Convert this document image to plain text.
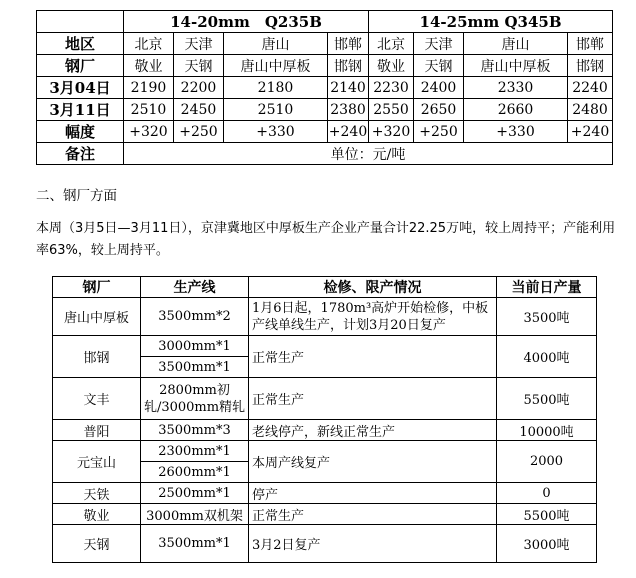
	14-20mm　Q235B				14-25mm Q345B			
地区	北京	天津	唐山	邯郸	北京	天津	唐山	邯郸
钢厂	敬业	天钢	唐山中厚板	邯钢	敬业	天钢	唐山中厚板	邯钢
3月04日	2190	2200	2180	2140	2230	2400	2330	2240
3月11日	2510	2450	2510	2380	2550	2650	2660	2480
幅度	+320	+250	+330	+240	+320	+250	+330	+240
备注	单位：元/吨							
二、钢厂方面
本周（3月5日—3月11日），京津冀地区中厚板生产企业产量合计22.25万吨，较上周持平；产能利用率63%，较上周持平。
钢厂	生产线	检修、限产情况	当前日产量
唐山中厚板	3500mm*2	1月6日起，1780m³高炉开始检修，中板产线单线生产，计划3月20日复产	3500吨
邯钢	3000mm*1	正常生产	4000吨
	3500mm*1		
文丰	2800mm初轧/3000mm精轧	正常生产	5500吨
普阳	3500mm*3	老线停产，新线正常生产	10000吨
元宝山	2300mm*1	本周产线复产	2000
	2600mm*1		
天铁	2500mm*1	停产	0
敬业	3000mm双机架	正常生产	5500吨
天钢	3500mm*1	3月2日复产	3000吨
